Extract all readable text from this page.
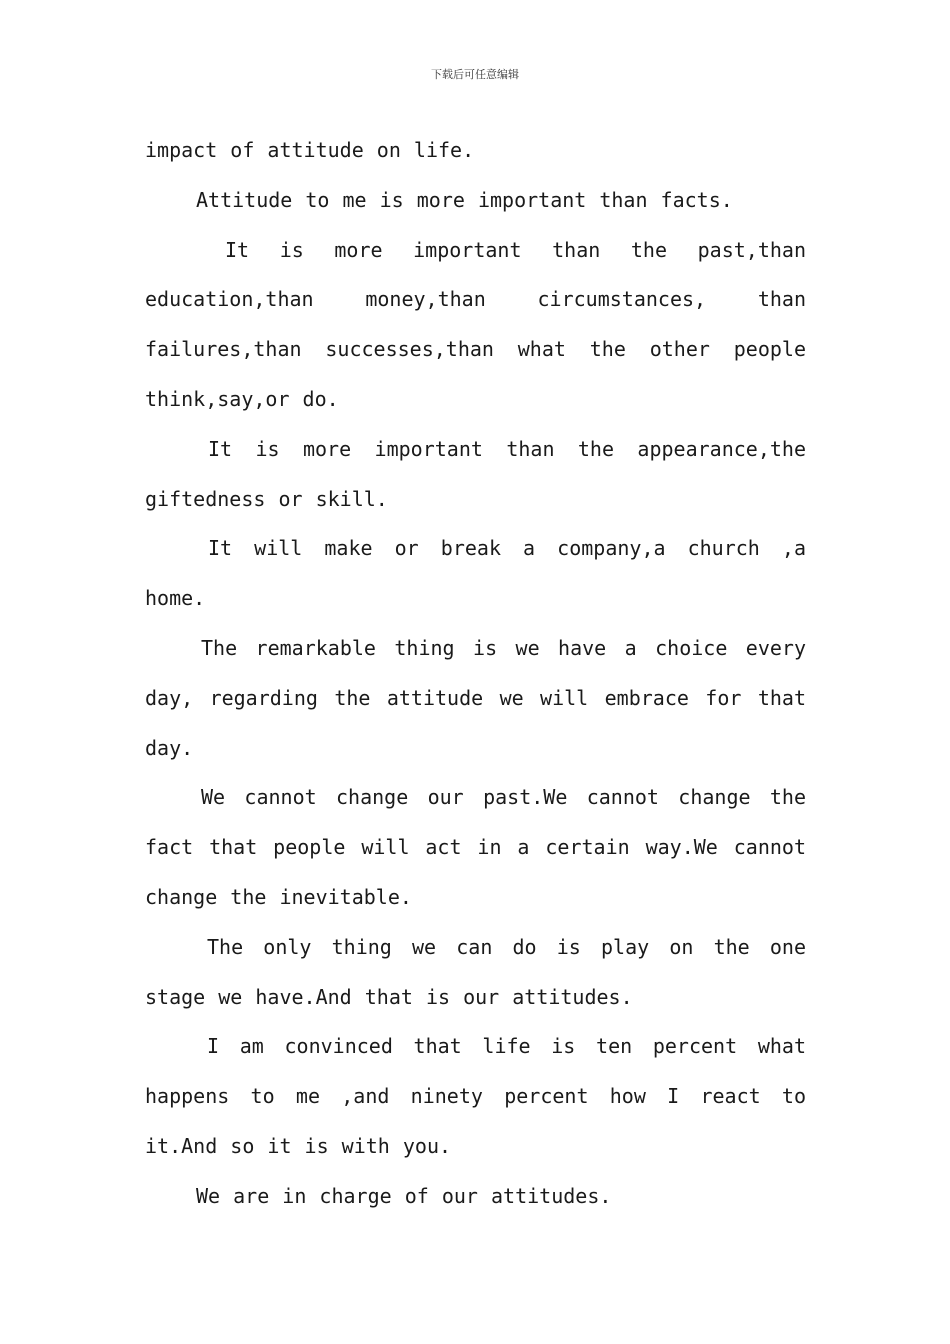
下载后可任意编辑

impact of attitude on life.

Attitude to me is more important than facts.

It is more important than the past,than education,than money,than circumstances, than failures,than successes,than what the other people think,say,or do.

It is more important than the appearance,the giftedness or skill.

It will make or break a company,a church ,a home.

The remarkable thing is we have a choice every day, regarding the attitude we will embrace for that day.

We cannot change our past.We cannot change the fact that people will act in a certain way.We cannot change the inevitable.

The only thing we can do is play on the one stage we have.And that is our attitudes.

I am convinced that life is ten percent what happens to me ,and ninety percent how I react to it.And so it is with you.

We are in charge of our attitudes.
